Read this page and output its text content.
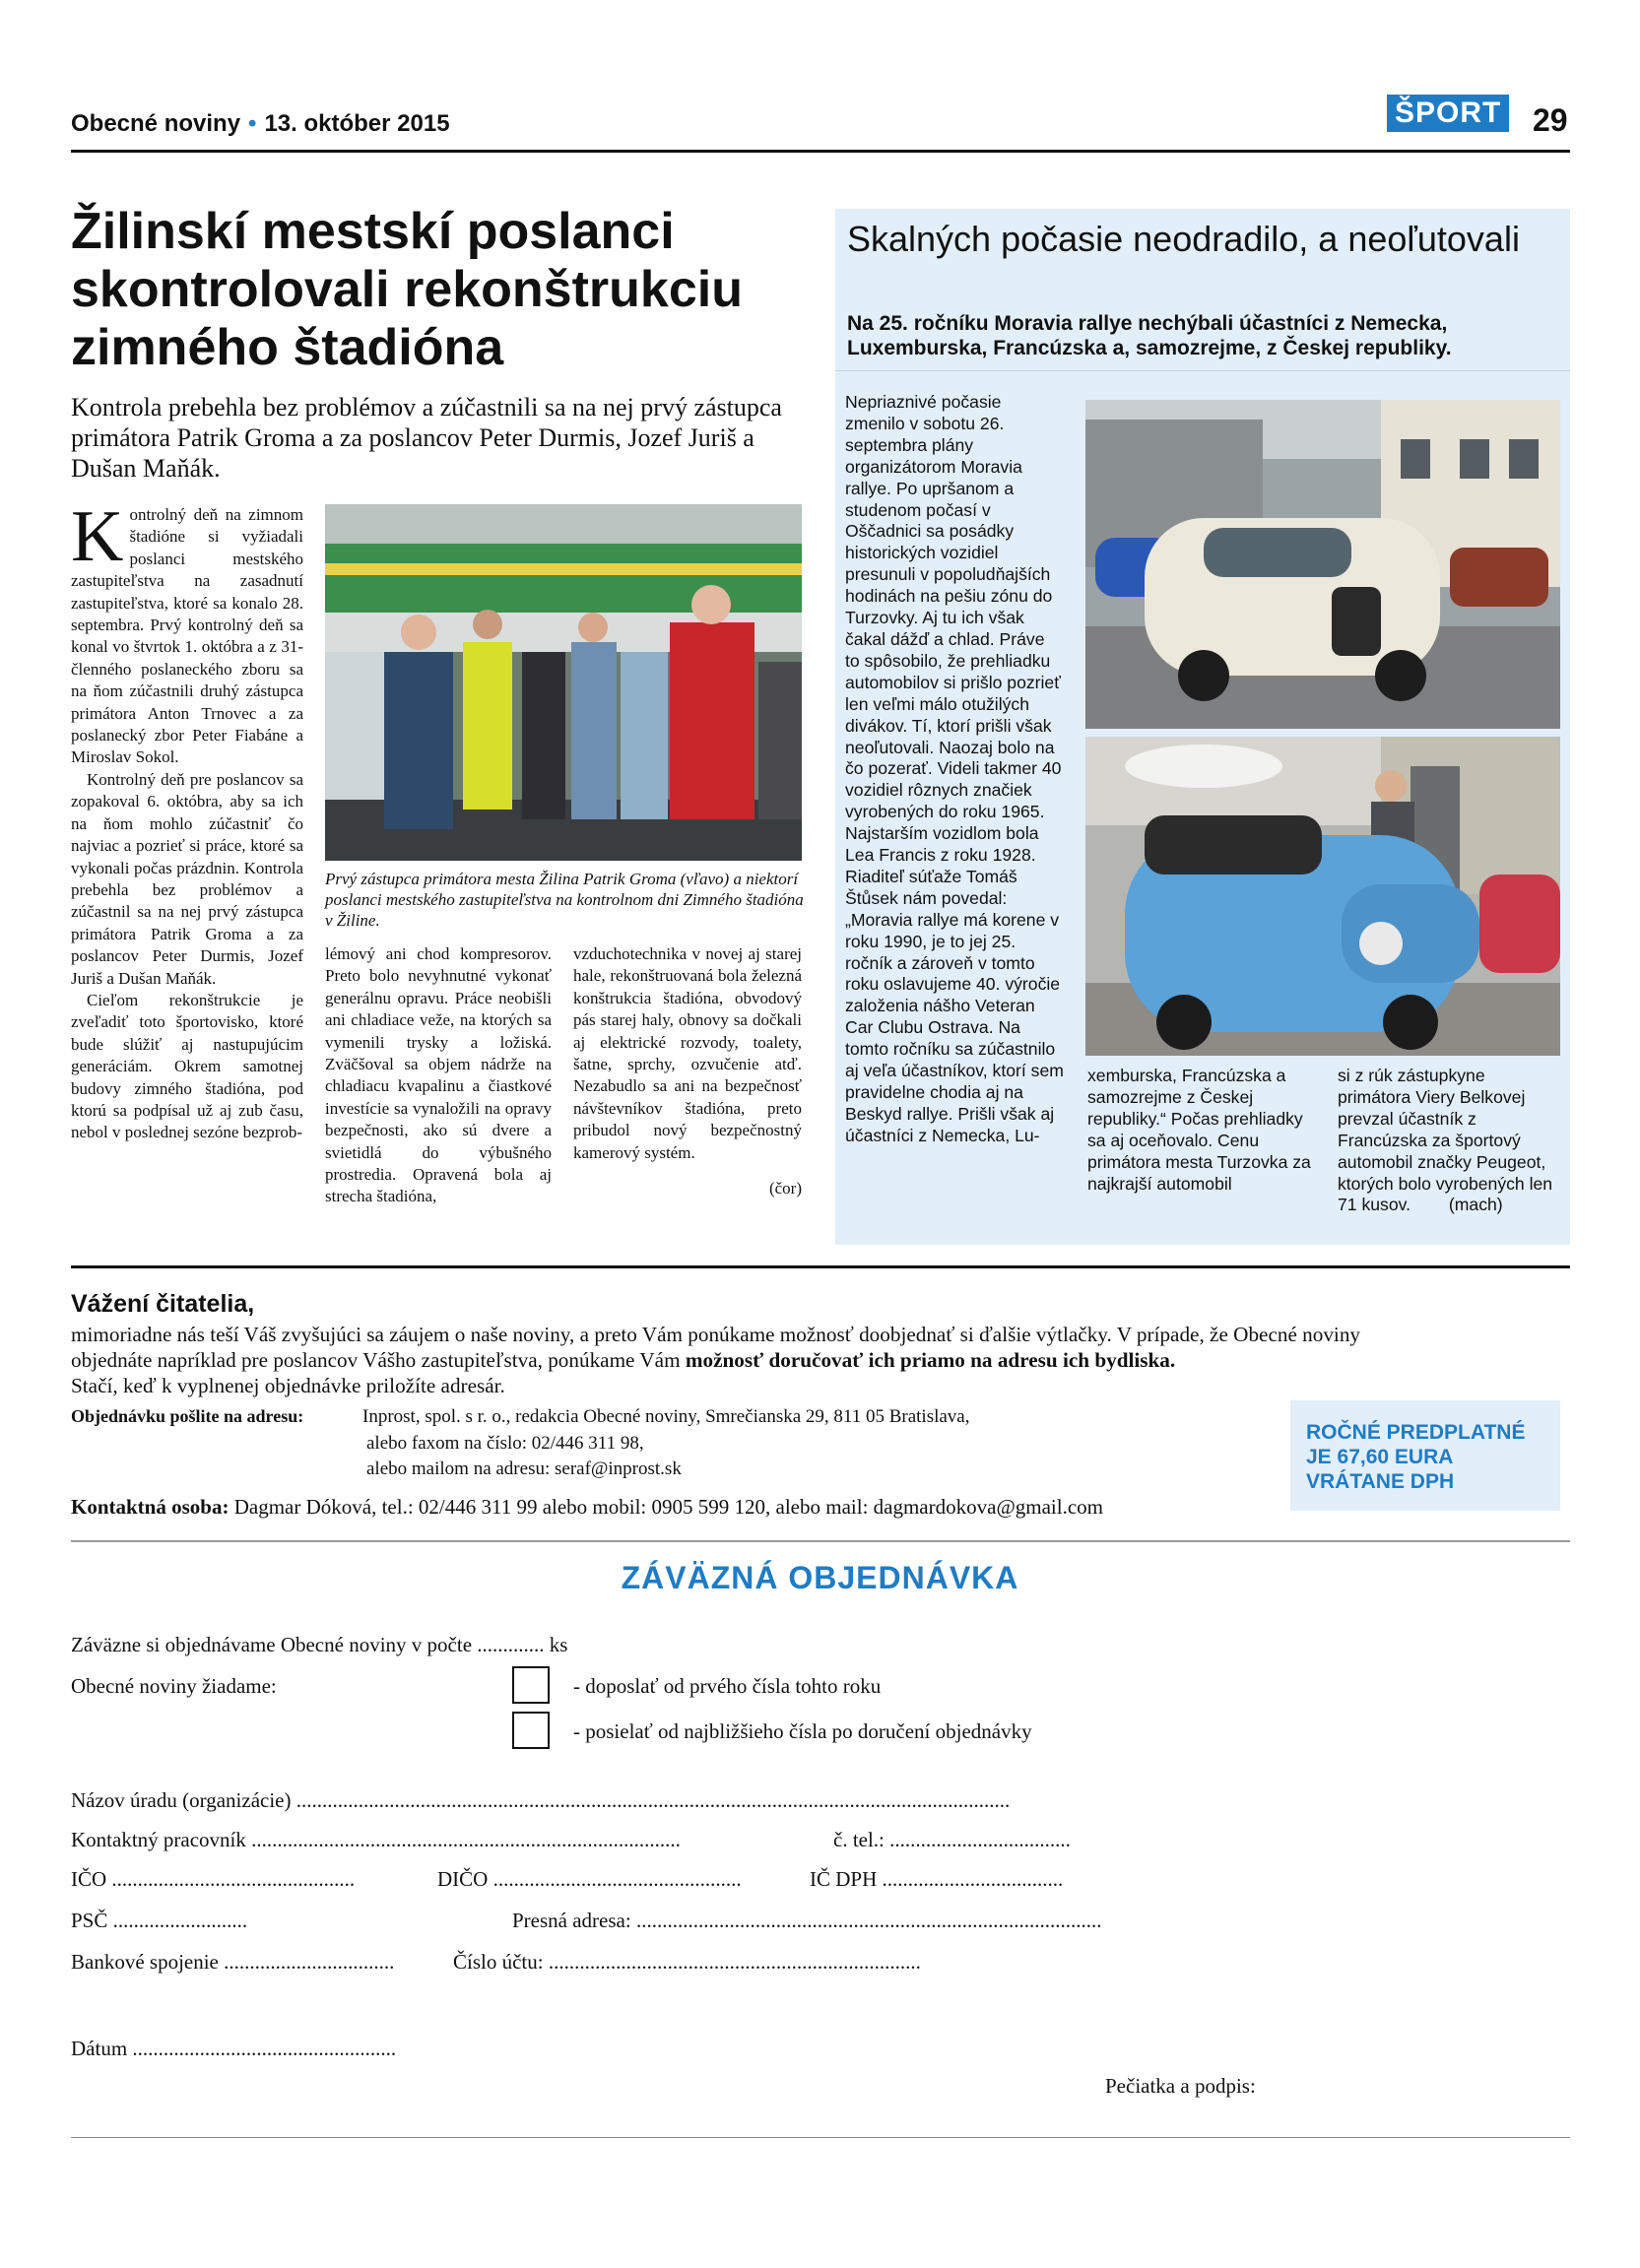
Obecné noviny • 13. október 2015	ŠPORT 29
Žilinskí mestskí poslanci skontrolovali rekonštrukciu zimného štadióna
Kontrola prebehla bez problémov a zúčastnili sa na nej prvý zástupca primátora Patrik Groma a za poslancov Peter Durmis, Jozef Juriš a Dušan Maňák.
Kontrolný deň na zimnom štadióne si vyžiadali poslanci mestského zastupiteľstva na zasadnutí zastupiteľstva, ktoré sa konalo 28. septembra. Prvý kontrolný deň sa konal vo štvrtok 1. októbra a z 31-členného poslaneckého zboru sa na ňom zúčastnili druhý zástupca primátora Anton Trnovec a za poslanecký zbor Peter Fiabáne a Miroslav Sokol.
Kontrolný deň pre poslancov sa zopakoval 6. októbra, aby sa ich na ňom mohlo zúčastniť čo najviac a pozrieť si práce, ktoré sa vykonali počas prázdnin. Kontrola prebehla bez problémov a zúčastnil sa na nej prvý zástupca primátora Patrik Groma a za poslancov Peter Durmis, Jozef Juriš a Dušan Maňák.
Cieľom rekonštrukcie je zveľadiť toto športovisko, ktoré bude slúžiť aj nastupujúcim generáciám. Okrem samotnej budovy zimného štadióna, pod ktorú sa podpísal už aj zub času, nebol v poslednej sezóne bezprob-
Prvý zástupca primátora mesta Žilina Patrik Groma (vľavo) a niektorí poslanci mestského zastupiteľstva na kontrolnom dni Zimného štadióna v Žiline.
lémový ani chod kompresorov. Preto bolo nevyhnutné vykonať generálnu opravu. Práce neobišli ani chladiace veže, na ktorých sa vymenili trysky a ložiská. Zväčšoval sa objem nádrže na chladiacu kvapalinu a čiastkové investície sa vynaložili na opravy bezpečnosti, ako sú dvere a svietidlá do výbušného prostredia. Opravená bola aj strecha štadióna,
vzduchotechnika v novej aj starej hale, rekonštruovaná bola železná konštrukcia štadióna, obvodový pás starej haly, obnovy sa dočkali aj elektrické rozvody, toalety, šatne, sprchy, ozvučenie atď. Nezabudlo sa ani na bezpečnosť návštevníkov štadióna, preto pribudol nový bezpečnostný kamerový systém.
(čor)
Skalných počasie neodradilo, a neoľutovali
Na 25. ročníku Moravia rallye nechýbali účastníci z Nemecka, Luxemburska, Francúzska a, samozrejme, z Českej republiky.
Nepriaznivé počasie zmenilo v sobotu 26. septembra plány organizátorom Moravia rallye. Po upršanom a studenom počasí v Oščadnici sa posádky historických vozidiel presunuli v popoludňajších hodinách na pešiu zónu do Turzovky. Aj tu ich však čakal dážď a chlad. Práve to spôsobilo, že prehliadku automobilov si prišlo pozrieť len veľmi málo otužilých divákov. Tí, ktorí prišli však neoľutovali. Naozaj bolo na čo pozerať. Videli takmer 40 vozidiel rôznych značiek vyrobených do roku 1965. Najstarším vozidlom bola Lea Francis z roku 1928. Riaditeľ súťaže Tomáš Štůsek nám povedal: „Moravia rallye má korene v roku 1990, je to jej 25. ročník a zároveň v tomto roku oslavujeme 40. výročie založenia nášho Veteran Car Clubu Ostrava. Na tomto ročníku sa zúčastnilo aj veľa účastníkov, ktorí sem pravidelne chodia aj na Beskyd rallye. Prišli však aj účastníci z Nemecka, Lu-
xemburska, Francúzska a samozrejme z Českej republiky.“ Počas prehliadky sa aj oceňovalo. Cenu primátora mesta Turzovka za najkrajší automobil
si z rúk zástupkyne primátora Viery Belkovej prevzal účastník z Francúzska za športový automobil značky Peugeot, ktorých bolo vyrobených len 71 kusov. (mach)
Vážení čitatelia,
mimoriadne nás teší Váš zvyšujúci sa záujem o naše noviny, a preto Vám ponúkame možnosť doobjednať si ďalšie výtlačky. V prípade, že Obecné noviny objednáte napríklad pre poslancov Vášho zastupiteľstva, ponúkame Vám možnosť doručovať ich priamo na adresu ich bydliska.
Stačí, keď k vyplnenej objednávke priložíte adresár.
Objednávku pošlite na adresu:	Inprost, spol. s r. o., redakcia Obecné noviny, Smrečianska 29, 811 05 Bratislava,
alebo faxom na číslo: 02/446 311 98,
alebo mailom na adresu: seraf@inprost.sk
Kontaktná osoba: Dagmar Dóková, tel.: 02/446 311 99 alebo mobil: 0905 599 120, alebo mail: dagmardokova@gmail.com
ROČNÉ PREDPLATNÉ
JE 67,60 EURA
VRÁTANE DPH
ZÁVÄZNÁ OBJEDNÁVKA
Záväzne si objednávame Obecné noviny v počte ............. ks
Obecné noviny žiadame:	- doposlať od prvého čísla tohto roku
- posielať od najbližšieho čísla po doručení objednávky
Názov úradu (organizácie) ..........................................................................................................................................
Kontaktný pracovník ...................................................................................	č. tel.: ...................................
IČO ...............................................	DIČO ................................................	IČ DPH ...................................
PSČ ..........................	Presná adresa: ..........................................................................................
Bankové spojenie .................................	Číslo účtu: ........................................................................
Dátum ...................................................
Pečiatka a podpis:
